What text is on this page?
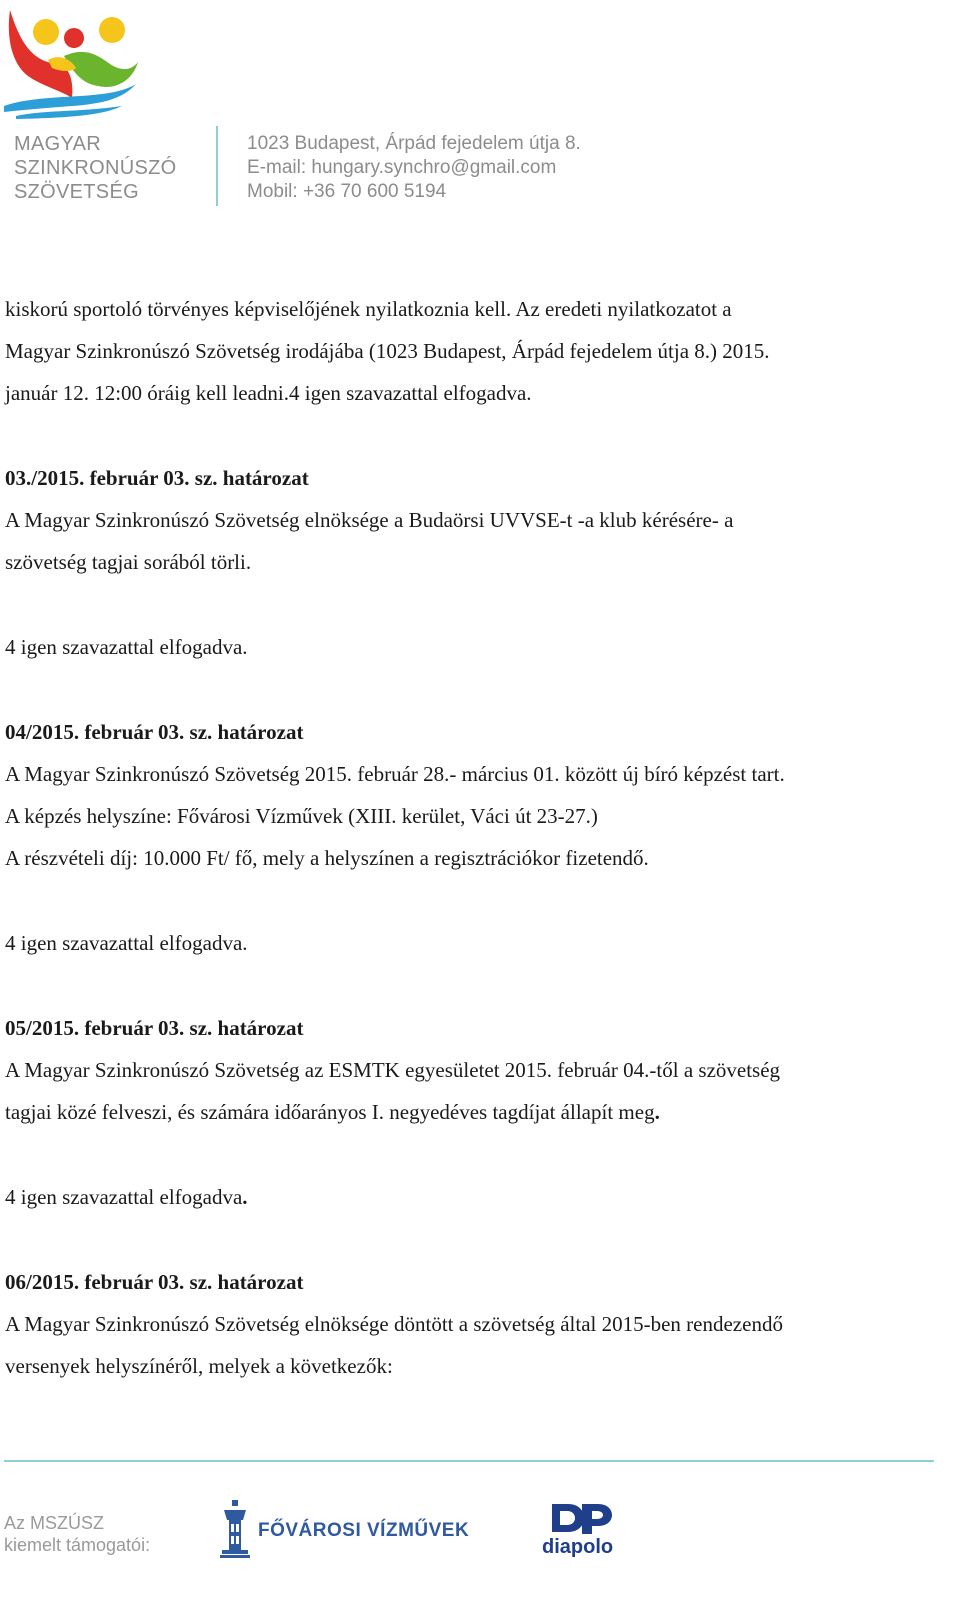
MAGYAR
SZINKRONÚSZÓ
SZÖVETSÉG
1023 Budapest, Árpád fejedelem útja 8.
E-mail: hungary.synchro@gmail.com
Mobil: +36 70 600 5194

kiskorú sportoló törvényes képviselőjének nyilatkoznia kell. Az eredeti nyilatkozatot a

Magyar Szinkronúszó Szövetség irodájába (1023 Budapest, Árpád fejedelem útja 8.) 2015.

január 12. 12:00 óráig kell leadni.4 igen szavazattal elfogadva.

03./2015. február 03. sz. határozat

A Magyar Szinkronúszó Szövetség elnöksége a Budaörsi UVVSE-t -a klub kérésére- a

szövetség tagjai sorából törli.

4 igen szavazattal elfogadva.

04/2015. február 03. sz. határozat

A Magyar Szinkronúszó Szövetség 2015. február 28.- március 01. között új bíró képzést tart.

A képzés helyszíne: Fővárosi Vízművek (XIII. kerület, Váci út 23-27.)

A részvételi díj: 10.000 Ft/ fő, mely a helyszínen a regisztrációkor fizetendő.

4 igen szavazattal elfogadva.

05/2015. február 03. sz. határozat

A Magyar Szinkronúszó Szövetség az ESMTK egyesületet 2015. február 04.-től a szövetség

tagjai közé felveszi, és számára időarányos I. negyedéves tagdíjat állapít meg.

4 igen szavazattal elfogadva.

06/2015. február 03. sz. határozat

A Magyar Szinkronúszó Szövetség elnöksége döntött a szövetség által 2015-ben rendezendő

versenyek helyszínéről, melyek a következők:

Az MSZÚSZ
kiemelt támogatói:
FŐVÁROSI VÍZMŰVEK
diapolo
